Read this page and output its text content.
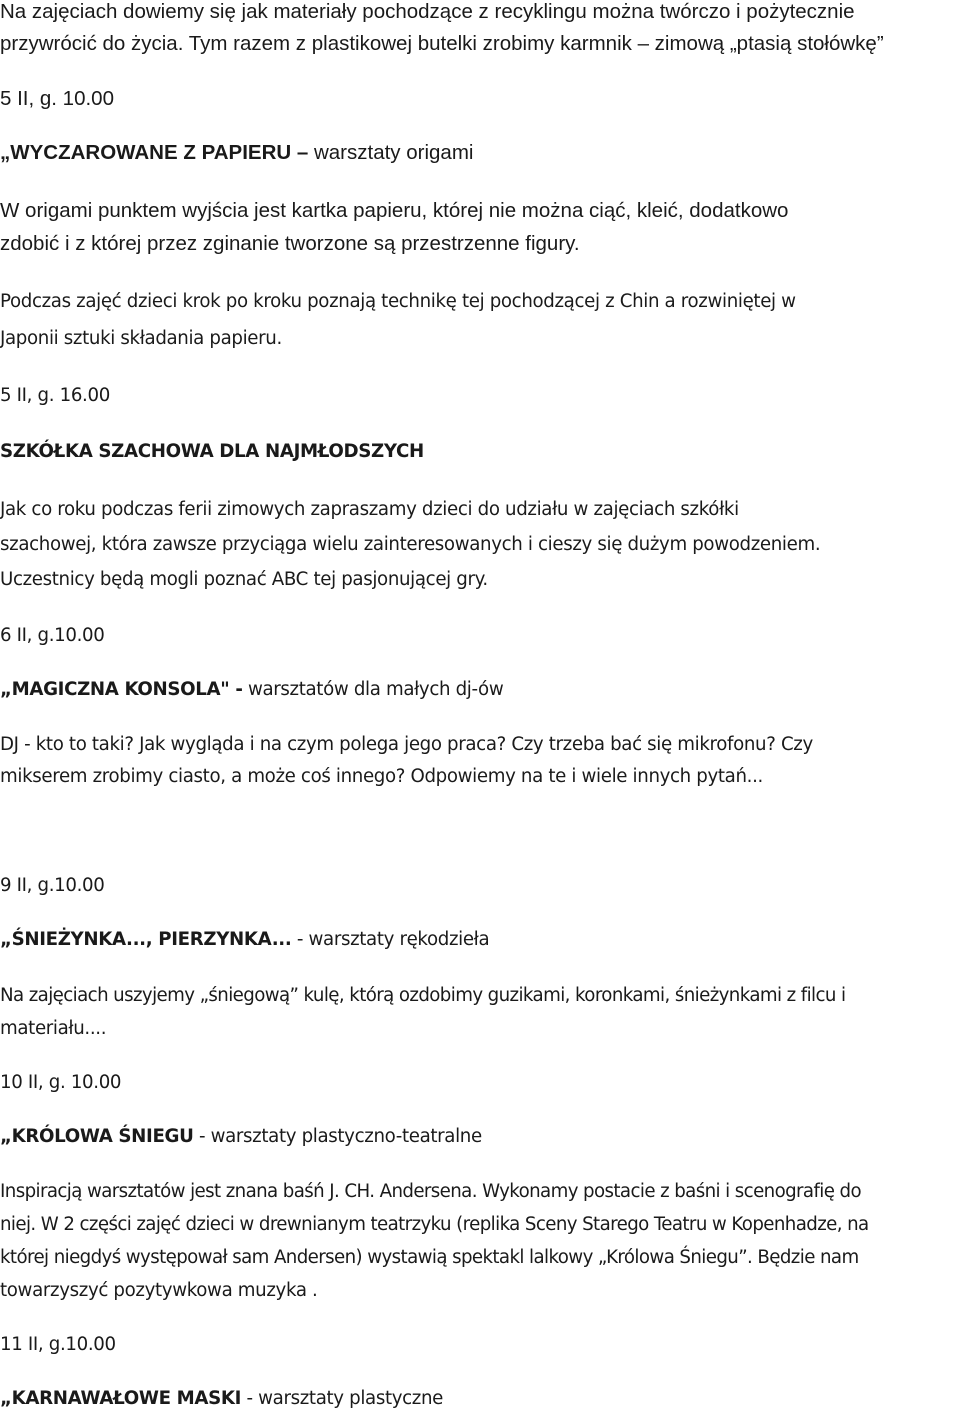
Na zajęciach dowiemy się jak materiały pochodzące z recyklingu można twórczo i pożytecznie
przywrócić do życia. Tym razem z plastikowej butelki zrobimy karmnik – zimową „ptasią stołówkę”
5 II, g. 10.00
„WYCZAROWANE Z PAPIERU – warsztaty origami
W origami punktem wyjścia jest kartka papieru, której nie można ciąć, kleić, dodatkowo
zdobić i z której przez zginanie tworzone są przestrzenne figury.
Podczas zajęć dzieci krok po kroku poznają technikę tej pochodzącej z Chin a rozwiniętej w
Japonii sztuki składania papieru.
5 II, g. 16.00
SZKÓŁKA SZACHOWA DLA NAJMŁODSZYCH
Jak co roku podczas ferii zimowych zapraszamy dzieci do udziału w zajęciach szkółki
szachowej, która zawsze przyciąga wielu zainteresowanych i cieszy się dużym powodzeniem.
Uczestnicy będą mogli poznać ABC tej pasjonującej gry.
6 II, g.10.00
„MAGICZNA KONSOLA" - warsztatów dla małych dj-ów
DJ - kto to taki? Jak wygląda i na czym polega jego praca? Czy trzeba bać się mikrofonu? Czy
mikserem zrobimy ciasto, a może coś innego? Odpowiemy na te i wiele innych pytań...
9 II, g.10.00
„ŚNIEŻYNKA..., PIERZYNKA... - warsztaty rękodzieła
Na zajęciach uszyjemy „śniegową” kulę, którą ozdobimy guzikami, koronkami, śnieżynkami z filcu i
materiału....
10 II, g. 10.00
„KRÓLOWA ŚNIEGU - warsztaty plastyczno-teatralne
Inspiracją warsztatów jest znana baśń J. CH. Andersena. Wykonamy postacie z baśni i scenografię do
niej. W 2 części zajęć dzieci w drewnianym teatrzyku (replika Sceny Starego Teatru w Kopenhadze, na
której niegdyś występował sam Andersen) wystawią spektakl lalkowy „Królowa Śniegu”. Będzie nam
towarzyszyć pozytywkowa muzyka .
11 II, g.10.00
„KARNAWAŁOWE MASKI - warsztaty plastyczne
